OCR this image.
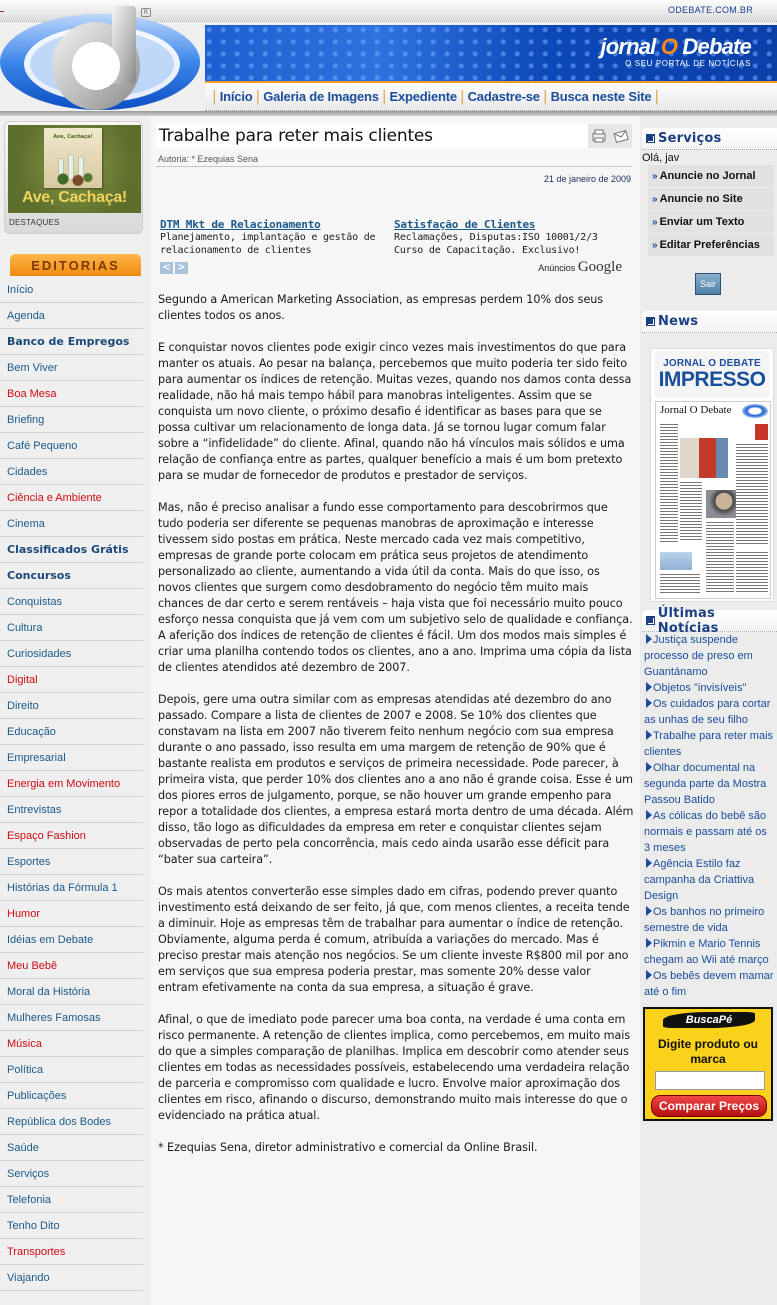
R	ODEBATE.COM.BR
jornal O Debate
O SEU PORTAL DE NOTÍCIAS
| Início | Galeria de Imagens | Expediente | Cadastre-se | Busca neste Site |
Ave, Cachaça!
Ave, Cachaça!
DESTAQUES
EDITORIAS
Início
Agenda
Banco de Empregos
Bem Viver
Boa Mesa
Briefing
Café Pequeno
Cidades
Ciência e Ambiente
Cinema
Classificados Grátis
Concursos
Conquistas
Cultura
Curiosidades
Digital
Direito
Educação
Empresarial
Energia em Movimento
Entrevistas
Espaço Fashion
Esportes
Histórias da Fórmula 1
Humor
Idéias em Debate
Meu Bebê
Moral da História
Mulheres Famosas
Música
Política
Publicações
República dos Bodes
Saúde
Serviços
Telefonia
Tenho Dito
Transportes
Viajando
Trabalhe para reter mais clientes
Autoria: * Ezequias Sena
21 de janeiro de 2009
DTM Mkt de Relacionamento
Planejamento, implantação e gestão de
relacionamento de clientes
Satisfação de Clientes
Reclamações, Disputas:ISO 10001/2/3
Curso de Capacitação. Exclusivo!
< >	Anúncios Google

Segundo a American Marketing Association, as empresas perdem 10% dos seus clientes todos os anos.

E conquistar novos clientes pode exigir cinco vezes mais investimentos do que para manter os atuais. Ao pesar na balança, percebemos que muito poderia ter sido feito para aumentar os índices de retenção. Muitas vezes, quando nos damos conta dessa realidade, não há mais tempo hábil para manobras inteligentes. Assim que se conquista um novo cliente, o próximo desafio é identificar as bases para que se possa cultivar um relacionamento de longa data. Já se tornou lugar comum falar sobre a “infidelidade” do cliente. Afinal, quando não há vínculos mais sólidos e uma relação de confiança entre as partes, qualquer benefício a mais é um bom pretexto para se mudar de fornecedor de produtos e prestador de serviços.

Mas, não é preciso analisar a fundo esse comportamento para descobrirmos que tudo poderia ser diferente se pequenas manobras de aproximação e interesse tivessem sido postas em prática. Neste mercado cada vez mais competitivo, empresas de grande porte colocam em prática seus projetos de atendimento personalizado ao cliente, aumentando a vida útil da conta. Mais do que isso, os novos clientes que surgem como desdobramento do negócio têm muito mais chances de dar certo e serem rentáveis – haja vista que foi necessário muito pouco esforço nessa conquista que já vem com um subjetivo selo de qualidade e confiança. A aferição dos índices de retenção de clientes é fácil. Um dos modos mais simples é criar uma planilha contendo todos os clientes, ano a ano. Imprima uma cópia da lista de clientes atendidos até dezembro de 2007.

Depois, gere uma outra similar com as empresas atendidas até dezembro do ano passado. Compare a lista de clientes de 2007 e 2008. Se 10% dos clientes que constavam na lista em 2007 não tiverem feito nenhum negócio com sua empresa durante o ano passado, isso resulta em uma margem de retenção de 90% que é bastante realista em produtos e serviços de primeira necessidade. Pode parecer, à primeira vista, que perder 10% dos clientes ano a ano não é grande coisa. Esse é um dos piores erros de julgamento, porque, se não houver um grande empenho para repor a totalidade dos clientes, a empresa estará morta dentro de uma década. Além disso, tão logo as dificuldades da empresa em reter e conquistar clientes sejam observadas de perto pela concorrência, mais cedo ainda usarão esse déficit para “bater sua carteira”.

Os mais atentos converterão esse simples dado em cifras, podendo prever quanto investimento está deixando de ser feito, já que, com menos clientes, a receita tende a diminuir. Hoje as empresas têm de trabalhar para aumentar o índice de retenção. Obviamente, alguma perda é comum, atribuída a variações do mercado. Mas é preciso prestar mais atenção nos negócios. Se um cliente investe R$800 mil por ano em serviços que sua empresa poderia prestar, mas somente 20% desse valor entram efetivamente na conta da sua empresa, a situação é grave.

Afinal, o que de imediato pode parecer uma boa conta, na verdade é uma conta em risco permanente. A retenção de clientes implica, como percebemos, em muito mais do que a simples comparação de planilhas. Implica em descobrir como atender seus clientes em todas as necessidades possíveis, estabelecendo uma verdadeira relação de parceria e compromisso com qualidade e lucro. Envolve maior aproximação dos clientes em risco, afinando o discurso, demonstrando muito mais interesse do que o evidenciado na prática atual.

* Ezequias Sena, diretor administrativo e comercial da Online Brasil.

Serviços
Olá, jav
» Anuncie no Jornal
» Anuncie no Site
» Enviar um Texto
» Editar Preferências
Sair
News
JORNAL O DEBATE
IMPRESSO
Jornal O Debate
Últimas Notícias
Justiça suspende processo de preso em Guantánamo
Objetos "invisíveis"
Os cuidados para cortar as unhas de seu filho
Trabalhe para reter mais clientes
Olhar documental na segunda parte da Mostra Passou Batido
As cólicas do bebê são normais e passam até os 3 meses
Agência Estilo faz campanha da Criattiva Design
Os banhos no primeiro semestre de vida
Pikmin e Mario Tennis chegam ao Wii até março
Os bebês devem mamar até o fim
BuscaPé
Digite produto ou marca
Comparar Preços
